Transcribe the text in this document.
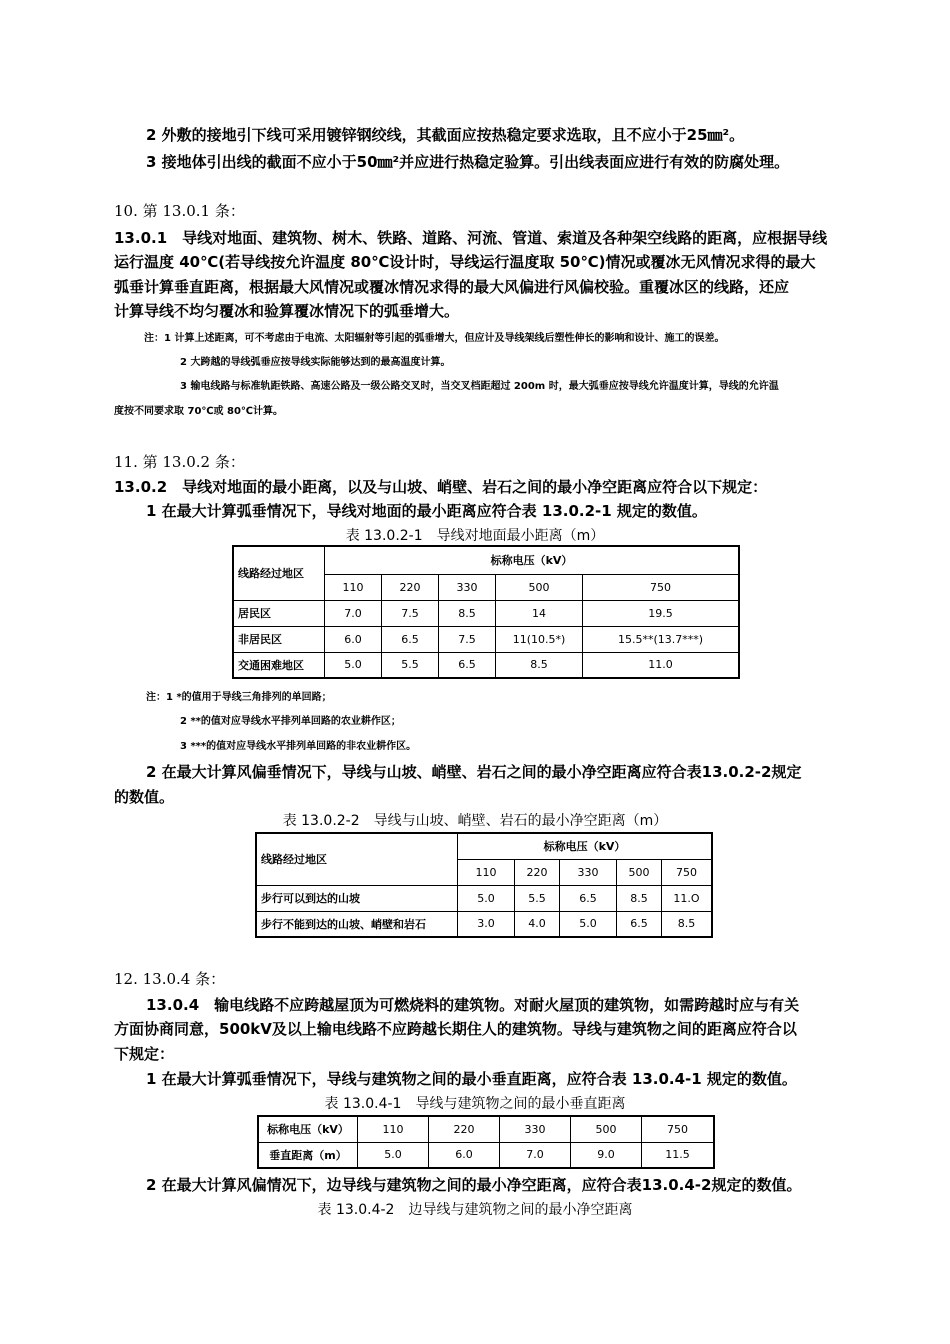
2 外敷的接地引下线可采用镀锌钢绞线，其截面应按热稳定要求选取，且不应小于25㎜²。
3 接地体引出线的截面不应小于50㎜²并应进行热稳定验算。引出线表面应进行有效的防腐处理。
10. 第 13.0.1 条：
13.0.1　导线对地面、建筑物、树木、铁路、道路、河流、管道、索道及各种架空线路的距离，应根据导线
运行温度 40℃(若导线按允许温度 80℃设计时，导线运行温度取 50℃)情况或覆冰无风情况求得的最大
弧垂计算垂直距离，根据最大风情况或覆冰情况求得的最大风偏进行风偏校验。重覆冰区的线路，还应
计算导线不均匀覆冰和验算覆冰情况下的弧垂增大。
注：1 计算上述距离，可不考虑由于电流、太阳辐射等引起的弧垂增大，但应计及导线架线后塑性伸长的影响和设计、施工的误差。
2 大跨越的导线弧垂应按导线实际能够达到的最高温度计算。
3 输电线路与标准轨距铁路、高速公路及一级公路交叉时，当交叉档距超过 200m 时，最大弧垂应按导线允许温度计算，导线的允许温
度按不同要求取 70℃或 80℃计算。
11. 第 13.0.2 条：
13.0.2　导线对地面的最小距离，以及与山坡、峭壁、岩石之间的最小净空距离应符合以下规定：
1 在最大计算弧垂情况下，导线对地面的最小距离应符合表 13.0.2-1 规定的数值。
表 13.0.2-1　导线对地面最小距离（m）
线路经过地区	标称电压（kV）				
	110	220	330	500	750
居民区	7.0	7.5	8.5	14	19.5
非居民区	6.0	6.5	7.5	11(10.5*)	15.5**(13.7***)
交通困难地区	5.0	5.5	6.5	8.5	11.0
注：1 *的值用于导线三角排列的单回路；
2 **的值对应导线水平排列单回路的农业耕作区；
3 ***的值对应导线水平排列单回路的非农业耕作区。
2 在最大计算风偏垂情况下，导线与山坡、峭壁、岩石之间的最小净空距离应符合表13.0.2-2规定
的数值。
表 13.0.2-2　导线与山坡、峭壁、岩石的最小净空距离（m）
线路经过地区	标称电压（kV）				
	110	220	330	500	750
步行可以到达的山坡	5.0	5.5	6.5	8.5	11.O
步行不能到达的山坡、峭壁和岩石	3.0	4.0	5.0	6.5	8.5
12. 13.0.4 条：
13.0.4　输电线路不应跨越屋顶为可燃烧料的建筑物。对耐火屋顶的建筑物，如需跨越时应与有关
方面协商同意，500kV及以上输电线路不应跨越长期住人的建筑物。导线与建筑物之间的距离应符合以
下规定：
1 在最大计算弧垂情况下，导线与建筑物之间的最小垂直距离，应符合表 13.0.4-1 规定的数值。
表 13.0.4-1　导线与建筑物之间的最小垂直距离
标称电压（kV）	110	220	330	500	750
垂直距离（m）	5.0	6.0	7.0	9.0	11.5
2 在最大计算风偏情况下，边导线与建筑物之间的最小净空距离，应符合表13.0.4-2规定的数值。
表 13.0.4-2　边导线与建筑物之间的最小净空距离
